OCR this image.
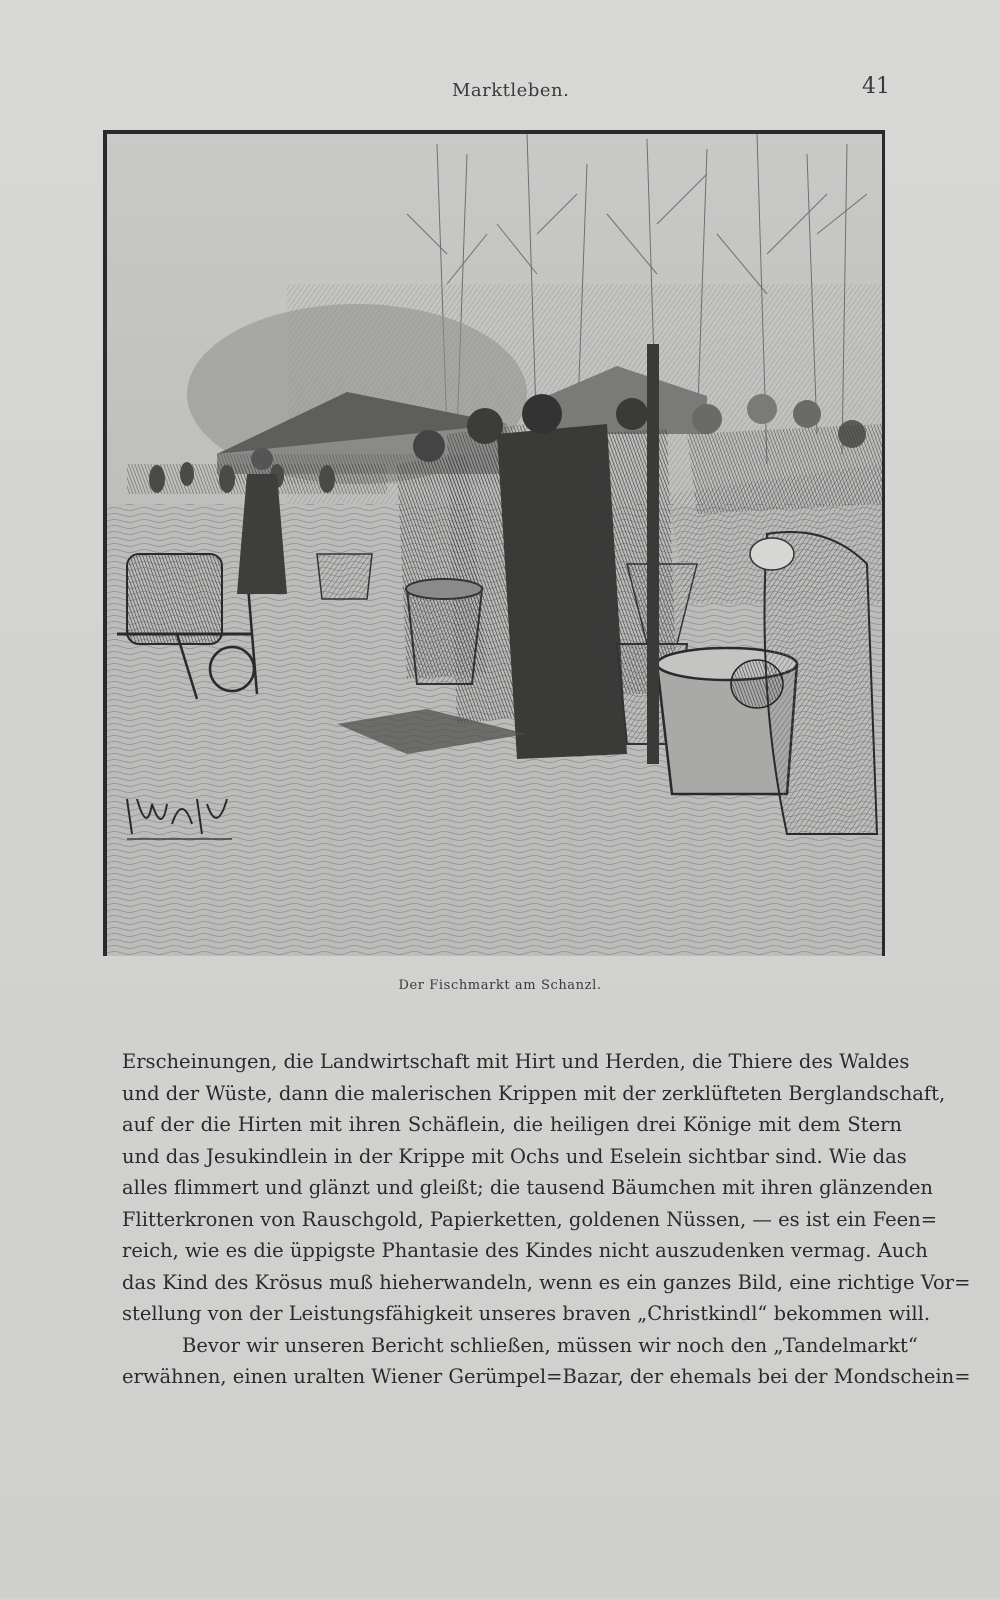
Marktleben.	41
Der Fischmarkt am Schanzl.
Erscheinungen, die Landwirtschaft mit Hirt und Herden, die Thiere des Waldes
und der Wüste, dann die malerischen Krippen mit der zerklüfteten Berglandschaft,
auf der die Hirten mit ihren Schäflein, die heiligen drei Könige mit dem Stern
und das Jesukindlein in der Krippe mit Ochs und Eselein sichtbar sind. Wie das
alles flimmert und glänzt und gleißt; die tausend Bäumchen mit ihren glänzenden
Flitterkronen von Rauschgold, Papierketten, goldenen Nüssen, — es ist ein Feen=
reich, wie es die üppigste Phantasie des Kindes nicht auszudenken vermag. Auch
das Kind des Krösus muß hieherwandeln, wenn es ein ganzes Bild, eine richtige Vor=
stellung von der Leistungsfähigkeit unseres braven „Christkindl“ bekommen will.
Bevor wir unseren Bericht schließen, müssen wir noch den „Tandelmarkt“
erwähnen, einen uralten Wiener Gerümpel=Bazar, der ehemals bei der Mondschein=
